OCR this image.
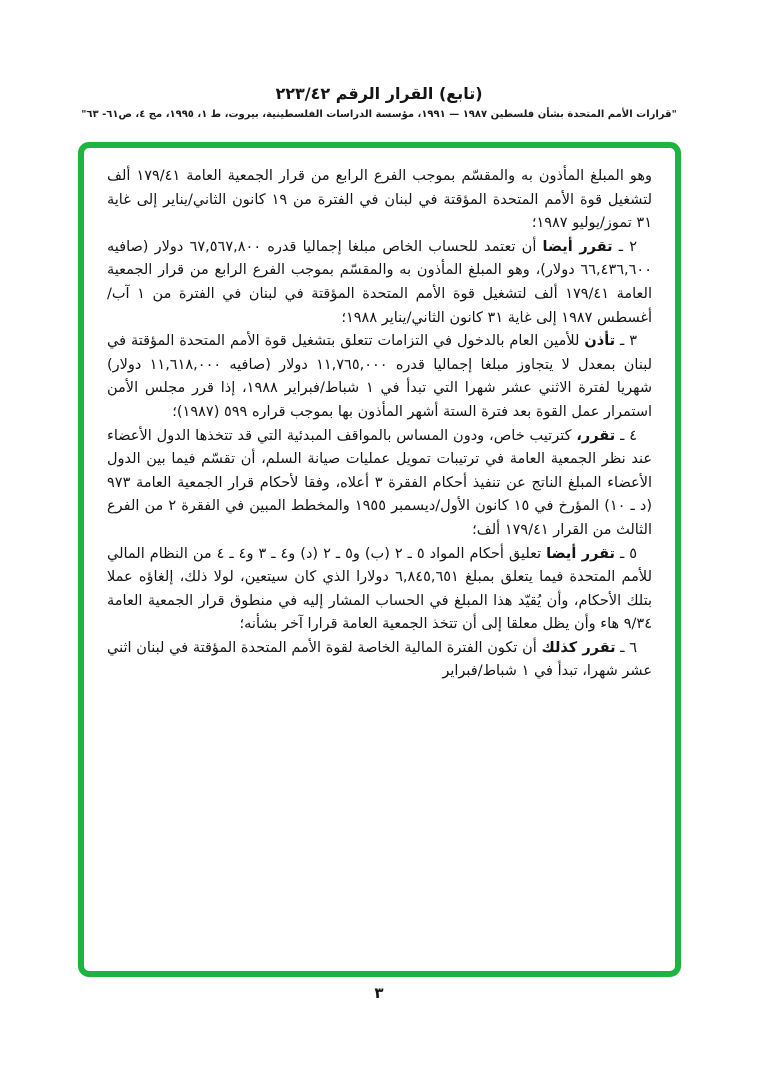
(تابع) القرار الرقم ٢٢٣/٤٢
"قرارات الأمم المتحدة بشأن فلسطين ١٩٨٧ — ١٩٩١، مؤسسة الدراسات الفلسطينية، بيروت، ط ١، ١٩٩٥، مج ٤، ص٦١- ٦٣"

وهو المبلغ المأذون به والمقسّم بموجب الفرع الرابع من قرار الجمعية العامة ١٧٩/٤١ ألف لتشغيل قوة الأمم المتحدة المؤقتة في لبنان في الفترة من ١٩ كانون الثاني/يناير إلى غاية ٣١ تموز/يوليو ١٩٨٧؛

٢ ـ تقرر أيضا أن تعتمد للحساب الخاص مبلغا إجماليا قدره ٦٧,٥٦٧,٨٠٠ دولار (صافيه ٦٦,٤٣٦,٦٠٠ دولار)، وهو المبلغ المأذون به والمقسّم بموجب الفرع الرابع من قرار الجمعية العامة ١٧٩/٤١ ألف لتشغيل قوة الأمم المتحدة المؤقتة في لبنان في الفترة من ١ آب/أغسطس ١٩٨٧ إلى غاية ٣١ كانون الثاني/يناير ١٩٨٨؛

٣ ـ تأذن للأمين العام بالدخول في التزامات تتعلق بتشغيل قوة الأمم المتحدة المؤقتة في لبنان بمعدل لا يتجاوز مبلغا إجماليا قدره ١١,٧٦٥,٠٠٠ دولار (صافيه ١١,٦١٨,٠٠٠ دولار) شهريا لفترة الاثني عشر شهرا التي تبدأ في ١ شباط/فبراير ١٩٨٨، إذا قرر مجلس الأمن استمرار عمل القوة بعد فترة الستة أشهر المأذون بها بموجب قراره ٥٩٩ (١٩٨٧)؛

٤ ـ تقرر، كترتيب خاص، ودون المساس بالمواقف المبدئية التي قد تتخذها الدول الأعضاء عند نظر الجمعية العامة في ترتيبات تمويل عمليات صيانة السلم، أن تقسّم فيما بين الدول الأعضاء المبلغ الناتج عن تنفيذ أحكام الفقرة ٣ أعلاه، وفقا لأحكام قرار الجمعية العامة ٩٧٣ (د ـ ١٠) المؤرخ في ١٥ كانون الأول/ديسمبر ١٩٥٥ والمخطط المبين في الفقرة ٢ من الفرع الثالث من القرار ١٧٩/٤١ ألف؛

٥ ـ تقرر أيضا تعليق أحكام المواد ٥ ـ ٢ (ب) و٥ ـ ٢ (د) و٤ ـ ٣ و٤ ـ ٤ من النظام المالي للأمم المتحدة فيما يتعلق بمبلغ ٦,٨٤٥,٦٥١ دولارا الذي كان سيتعين، لولا ذلك، إلغاؤه عملا بتلك الأحكام، وأن يُقيّد هذا المبلغ في الحساب المشار إليه في منطوق قرار الجمعية العامة ٩/٣٤ هاء وأن يظل معلقا إلى أن تتخذ الجمعية العامة قرارا آخر بشأنه؛

٦ ـ تقرر كذلك أن تكون الفترة المالية الخاصة لقوة الأمم المتحدة المؤقتة في لبنان اثني عشر شهرا، تبدأ في ١ شباط/فبراير

٣
